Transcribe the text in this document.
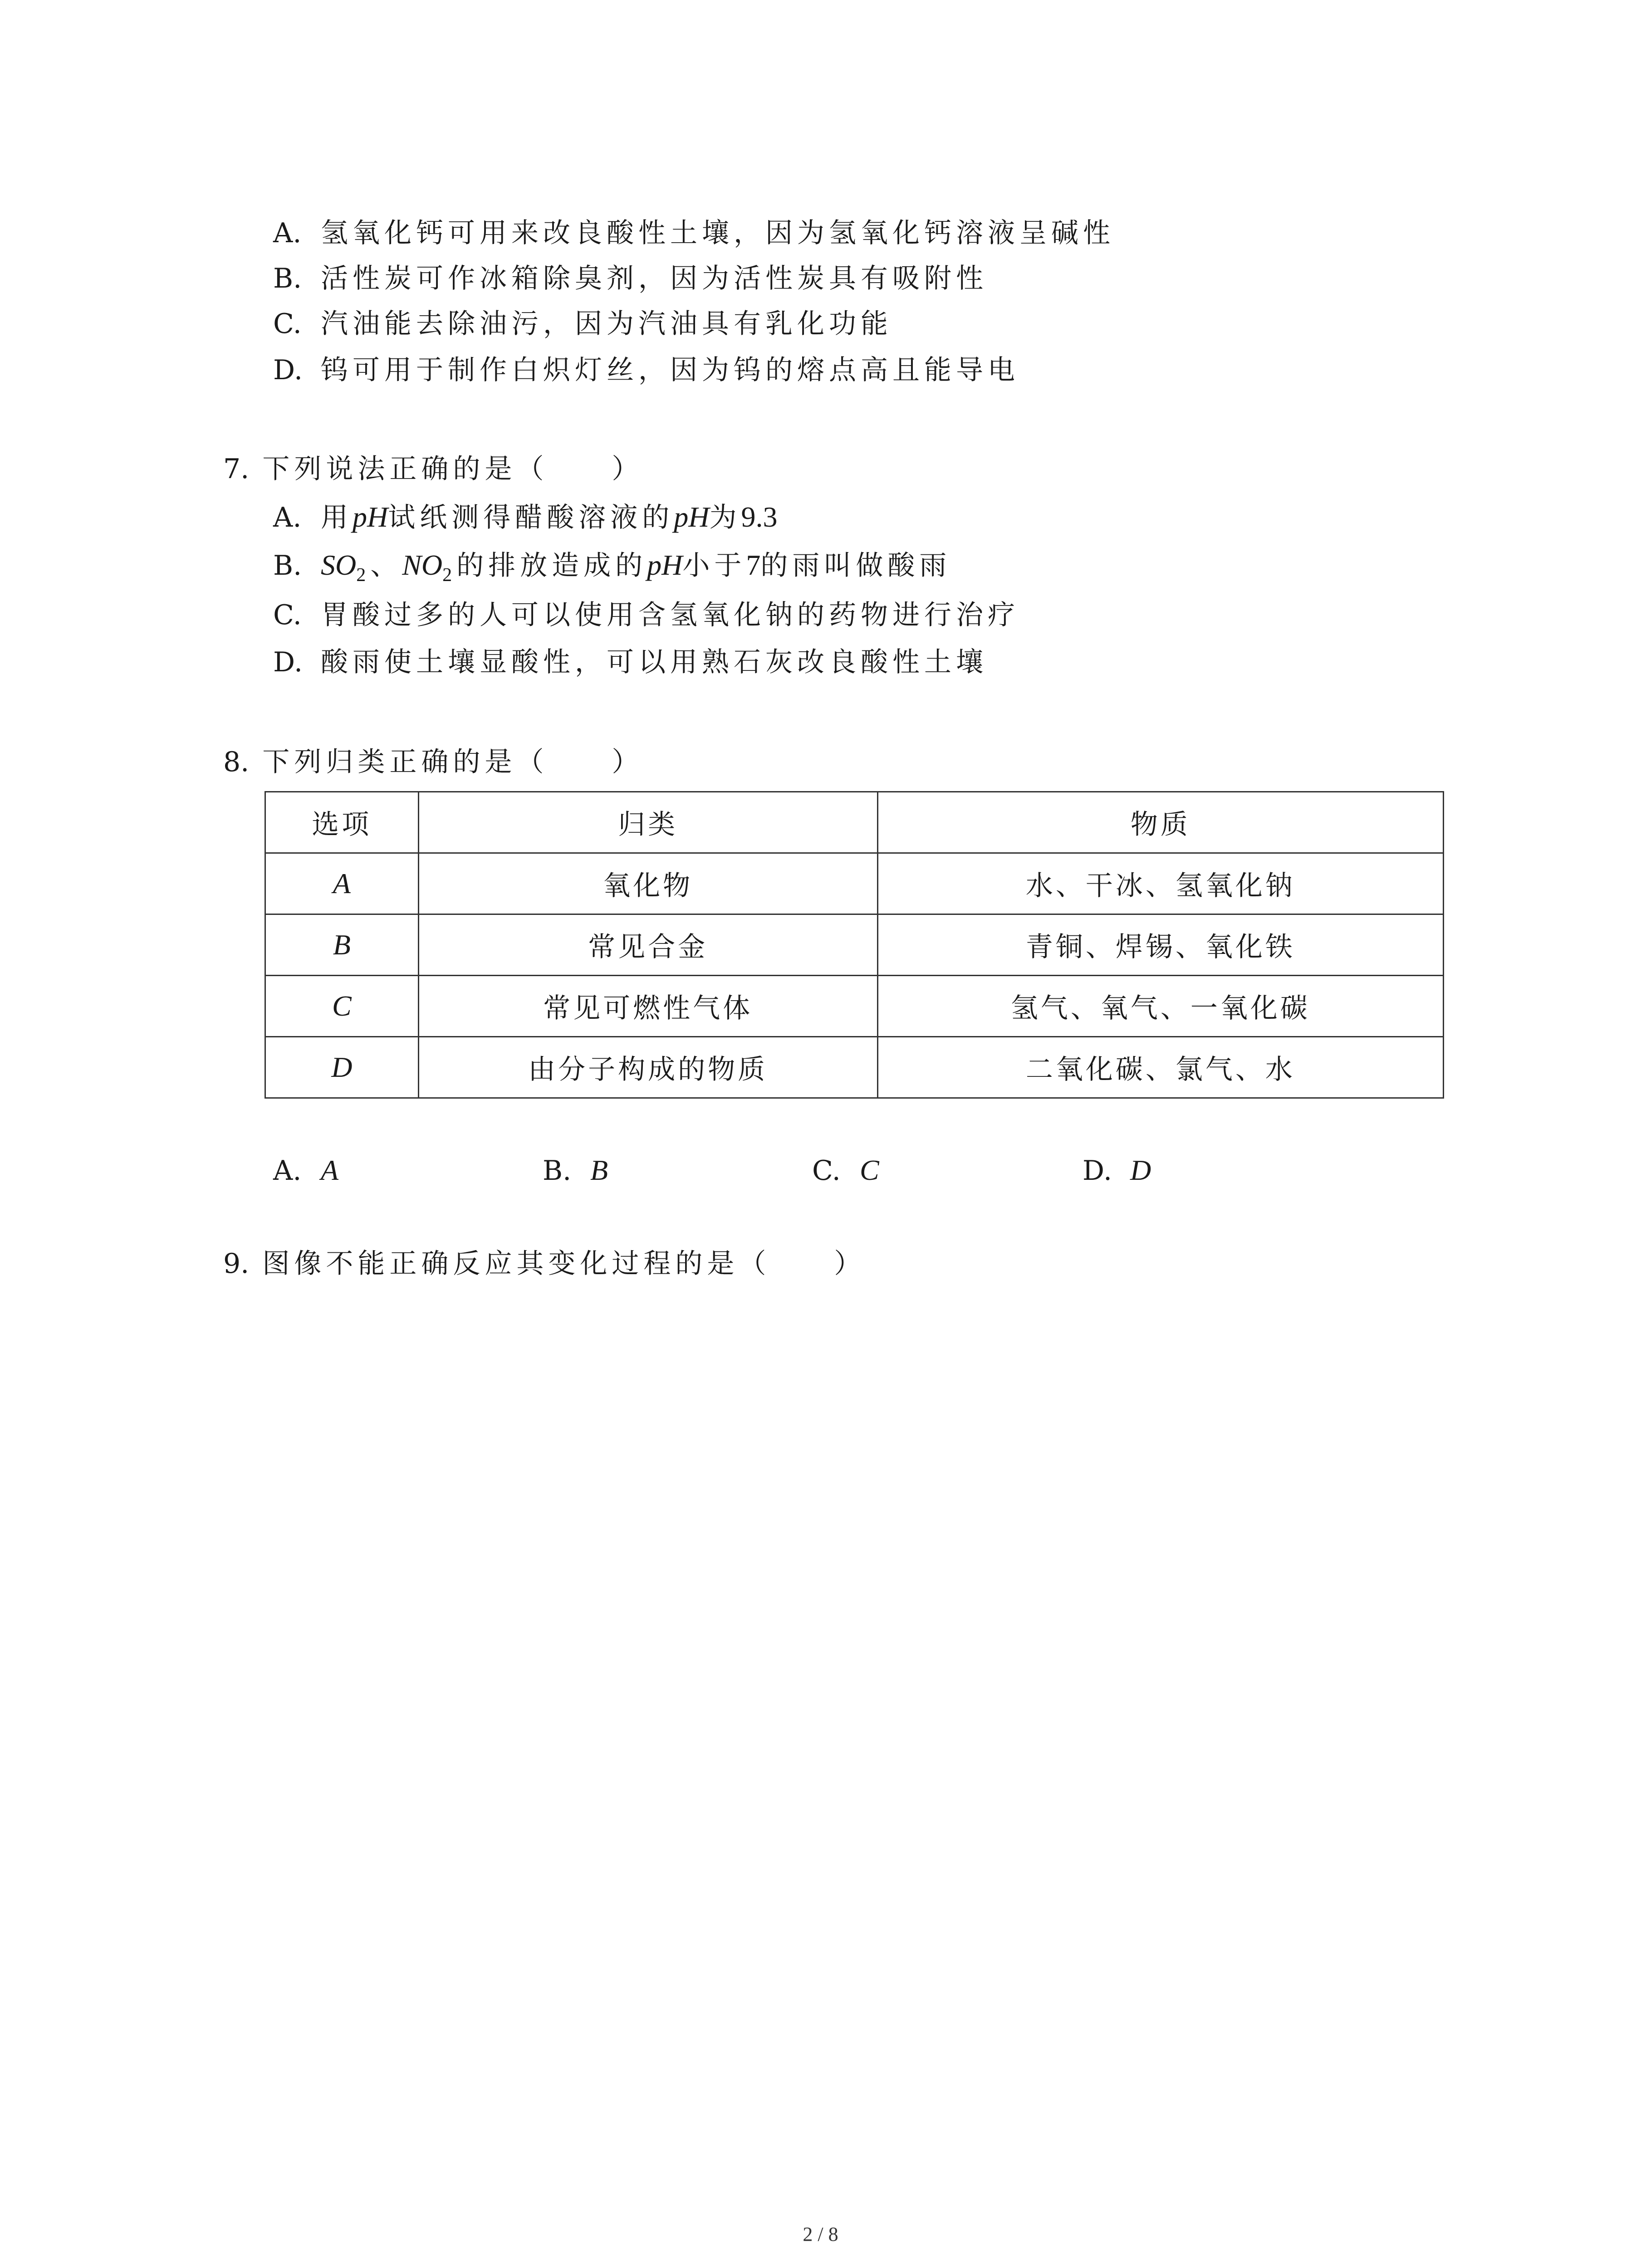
A. 氢氧化钙可用来改良酸性土壤，因为氢氧化钙溶液呈碱性
B. 活性炭可作冰箱除臭剂，因为活性炭具有吸附性
C. 汽油能去除油污，因为汽油具有乳化功能
D. 钨可用于制作白炽灯丝，因为钨的熔点高且能导电
7. 下列说法正确的是（　　）
A. 用pH试纸测得醋酸溶液的pH为9.3
B. $SO_2$、$NO_2$的排放造成的pH小于7的雨叫做酸雨
C. 胃酸过多的人可以使用含氢氧化钠的药物进行治疗
D. 酸雨使土壤显酸性，可以用熟石灰改良酸性土壤
8. 下列归类正确的是（　　）
选项	归类	物质
A	氧化物	水、干冰、氢氧化钠
B	常见合金	青铜、焊锡、氧化铁
C	常见可燃性气体	氢气、氧气、一氧化碳
D	由分子构成的物质	二氧化碳、氯气、水
A. A	B. B	C. C	D. D
9. 图像不能正确反应其变化过程的是（　　）
2 / 8
